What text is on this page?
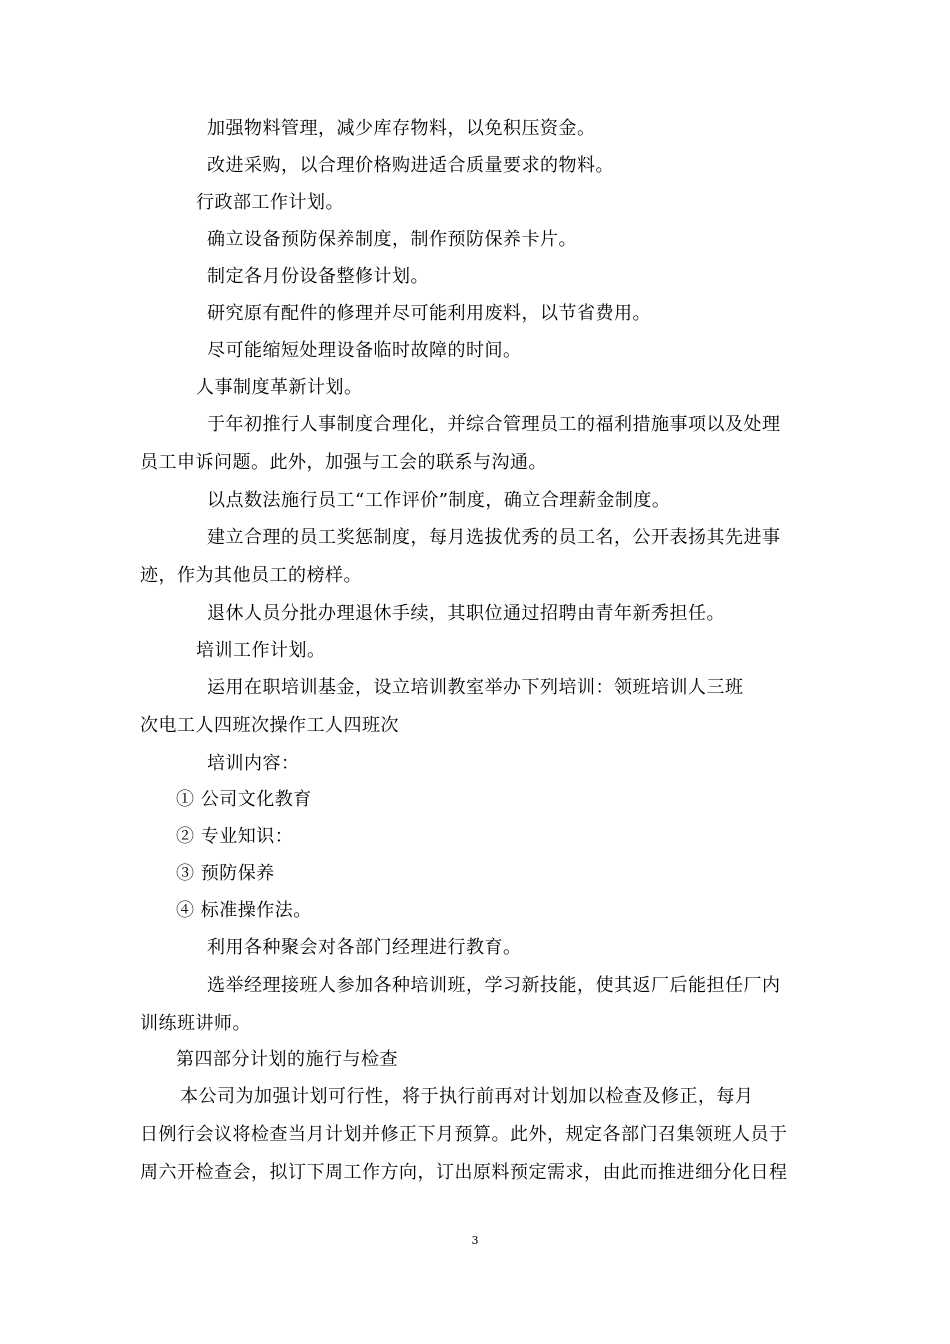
加强物料管理，减少库存物料，以免积压资金。
改进采购，以合理价格购进适合质量要求的物料。
行政部工作计划。
确立设备预防保养制度，制作预防保养卡片。
制定各月份设备整修计划。
研究原有配件的修理并尽可能利用废料，以节省费用。
尽可能缩短处理设备临时故障的时间。
人事制度革新计划。
于年初推行人事制度合理化，并综合管理员工的福利措施事项以及处理
员工申诉问题。此外，加强与工会的联系与沟通。
以点数法施行员工“工作评价”制度，确立合理薪金制度。
建立合理的员工奖惩制度，每月选拔优秀的员工名，公开表扬其先进事
迹，作为其他员工的榜样。
退休人员分批办理退休手续，其职位通过招聘由青年新秀担任。
培训工作计划。
运用在职培训基金，设立培训教室举办下列培训：领班培训人三班
次电工人四班次操作工人四班次
培训内容：
① 公司文化教育
② 专业知识：
③ 预防保养
④ 标准操作法。
利用各种聚会对各部门经理进行教育。
选举经理接班人参加各种培训班，学习新技能，使其返厂后能担任厂内
训练班讲师。
第四部分计划的施行与检查
本公司为加强计划可行性，将于执行前再对计划加以检查及修正，每月
日例行会议将检查当月计划并修正下月预算。此外，规定各部门召集领班人员于
周六开检查会，拟订下周工作方向，订出原料预定需求，由此而推进细分化日程
3
